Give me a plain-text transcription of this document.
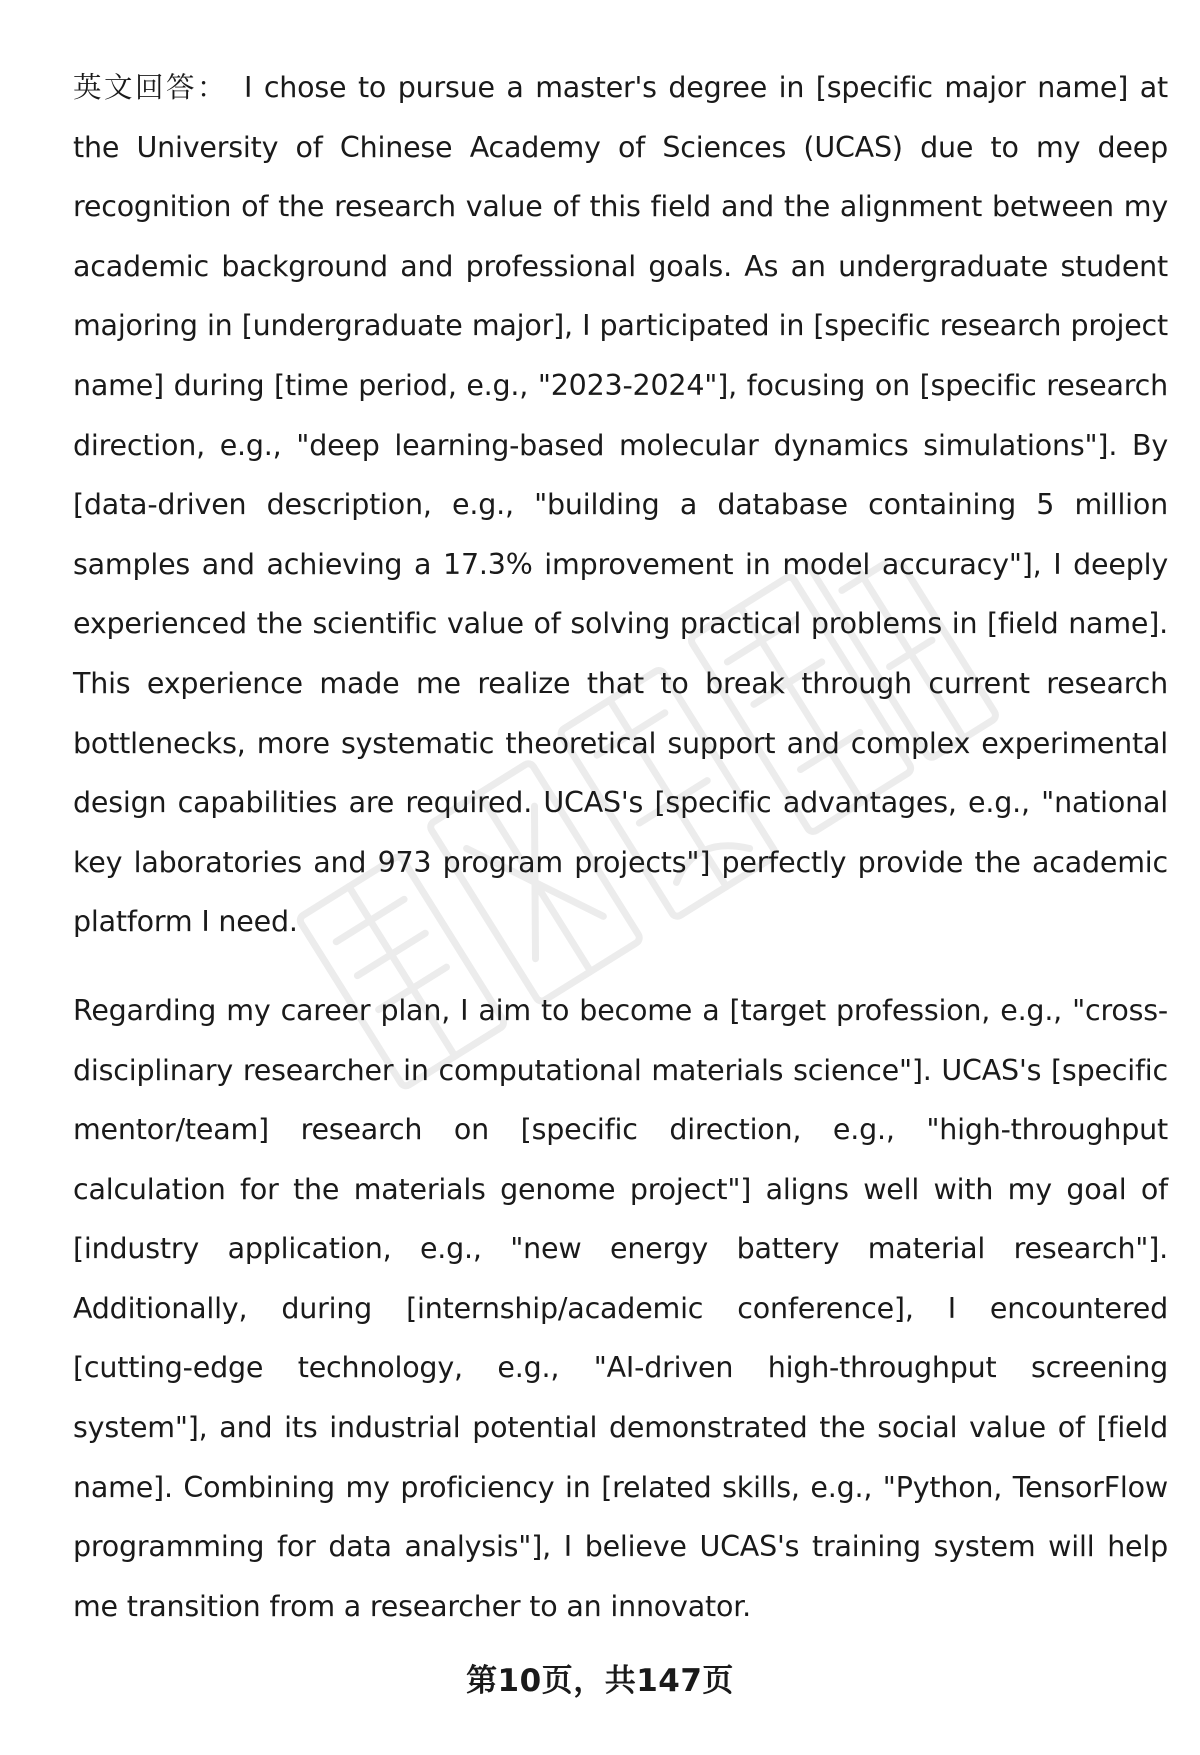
英文回答： I chose to pursue a master's degree in [specific major name] at the University of Chinese Academy of Sciences (UCAS) due to my deep recognition of the research value of this field and the alignment between my academic background and professional goals. As an undergraduate student majoring in [undergraduate major], I participated in [specific research project name] during [time period, e.g., "2023-2024"], focusing on [specific research direction, e.g., "deep learning-based molecular dynamics simulations"]. By [data-driven description, e.g., "building a database containing 5 million samples and achieving a 17.3% improvement in model accuracy"], I deeply experienced the scientific value of solving practical problems in [field name]. This experience made me realize that to break through current research bottlenecks, more systematic theoretical support and complex experimental design capabilities are required. UCAS's [specific advantages, e.g., "national key laboratories and 973 program projects"] perfectly provide the academic platform I need.

Regarding my career plan, I aim to become a [target profession, e.g., "cross-disciplinary researcher in computational materials science"]. UCAS's [specific mentor/team] research on [specific direction, e.g., "high-throughput calculation for the materials genome project"] aligns well with my goal of [industry application, e.g., "new energy battery material research"]. Additionally, during [internship/academic conference], I encountered [cutting-edge technology, e.g., "AI-driven high-throughput screening system"], and its industrial potential demonstrated the social value of [field name]. Combining my proficiency in [related skills, e.g., "Python, TensorFlow programming for data analysis"], I believe UCAS's training system will help me transition from a researcher to an innovator.

第10页，共147页
